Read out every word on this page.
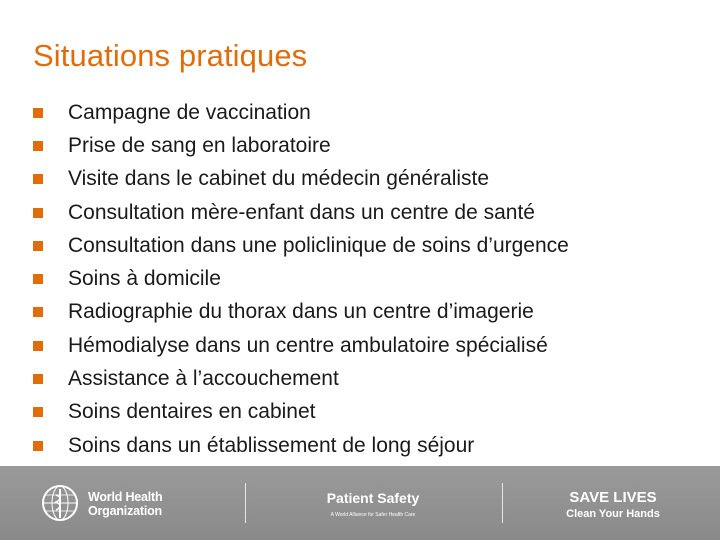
Situations pratiques
Campagne de vaccination
Prise de sang en laboratoire
Visite dans le cabinet du médecin généraliste
Consultation mère-enfant dans un centre de santé
Consultation dans une policlinique de soins d’urgence
Soins à domicile
Radiographie du thorax dans un centre d’imagerie
Hémodialyse dans un centre ambulatoire spécialisé
Assistance à l’accouchement
Soins dentaires en cabinet
Soins dans un établissement de long séjour
World Health
Organization
Patient Safety
A World Alliance for Safer Health Care
SAVE LIVES
Clean Your Hands
